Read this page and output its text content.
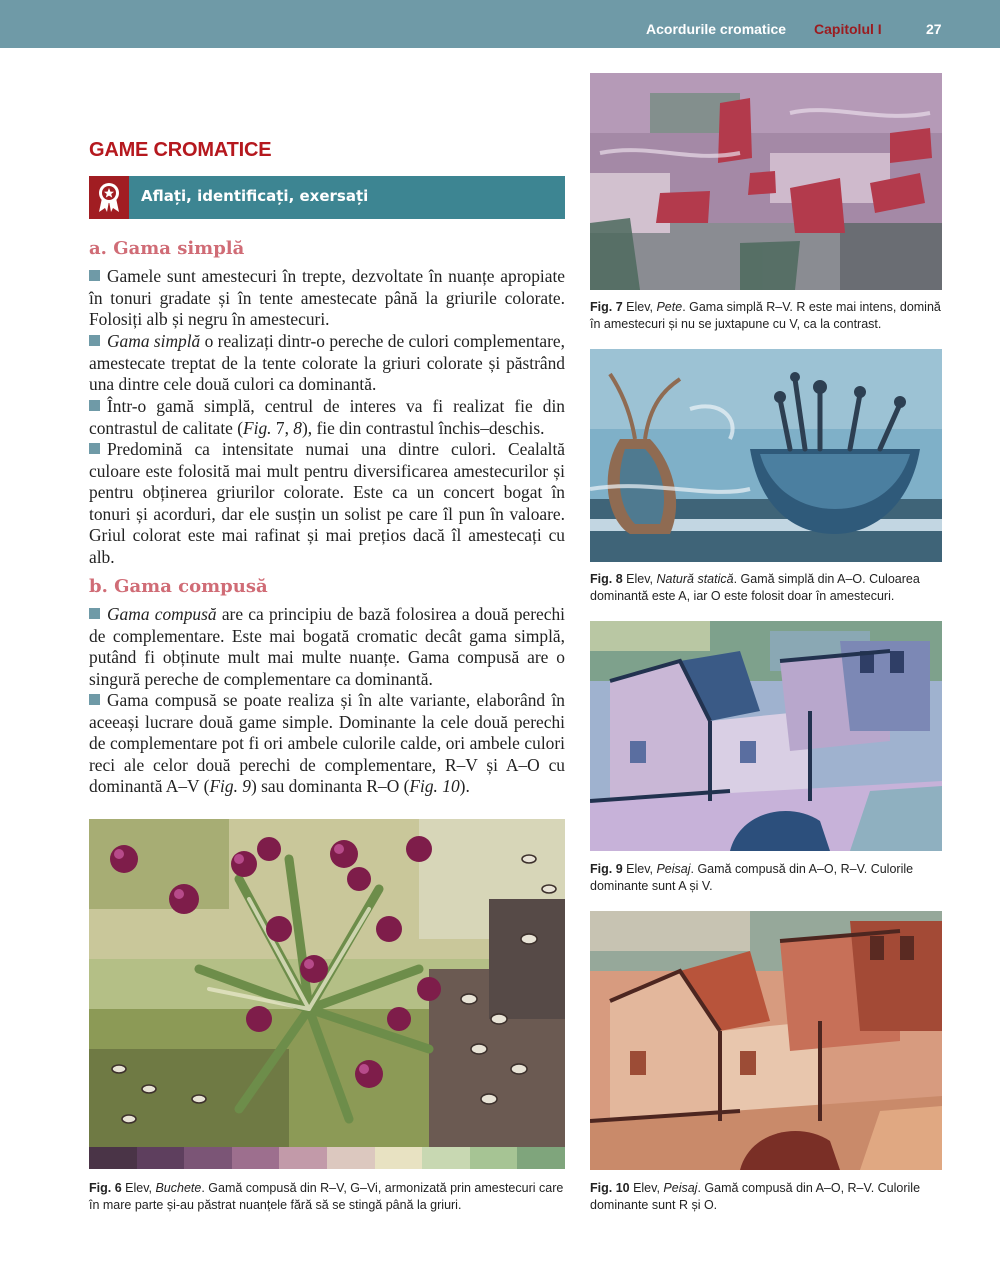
Acordurile cromatice Capitolul I	27
GAME CROMATICE
Aflați, identificați, exersați
a. Gama simplă
Gamele sunt amestecuri în trepte, dezvoltate în nuanțe apropiate în tonuri gradate și în tente amestecate până la griurile colorate. Folosiți alb și negru în amestecuri.
Gama simplă o realizați dintr-o pereche de culori complementare, amestecate treptat de la tente colorate la griuri colorate și păstrând una dintre cele două culori ca dominantă.
Într-o gamă simplă, centrul de interes va fi realizat fie din contrastul de calitate (Fig. 7, 8), fie din contrastul închis–deschis.
Predomină ca intensitate numai una dintre culori. Cealaltă culoare este folosită mai mult pentru diversificarea amestecurilor și pentru obținerea griurilor colorate. Este ca un concert bogat în tonuri și acorduri, dar ele susțin un solist pe care îl pun în valoare. Griul colorat este mai rafinat și mai prețios dacă îl amestecați cu alb.
b. Gama compusă
Gama compusă are ca principiu de bază folosirea a două perechi de complementare. Este mai bogată cromatic decât gama simplă, putând fi obținute mult mai multe nuanțe. Gama compusă are o singură pereche de complementare ca dominantă.
Gama compusă se poate realiza și în alte variante, elaborând în aceeași lucrare două game simple. Dominante la cele două perechi de complementare pot fi ori ambele culorile calde, ori ambele culori reci ale celor două perechi de complementare, R–V și A–O cu dominantă A–V (Fig. 9) sau dominanta R–O (Fig. 10).
Fig. 6 Elev, Buchete. Gamă compusă din R–V, G–Vi, armonizată prin amestecuri care în mare parte și-au păstrat nuanțele fără să se stingă până la griuri.
Fig. 7 Elev, Pete. Gama simplă R–V. R este mai intens, domină în amestecuri și nu se juxtapune cu V, ca la contrast.
Fig. 8 Elev, Natură statică. Gamă simplă din A–O. Culoarea dominantă este A, iar O este folosit doar în amestecuri.
Fig. 9 Elev, Peisaj. Gamă compusă din A–O, R–V. Culorile dominante sunt A și V.
Fig. 10 Elev, Peisaj. Gamă compusă din A–O, R–V. Culorile dominante sunt R și O.
